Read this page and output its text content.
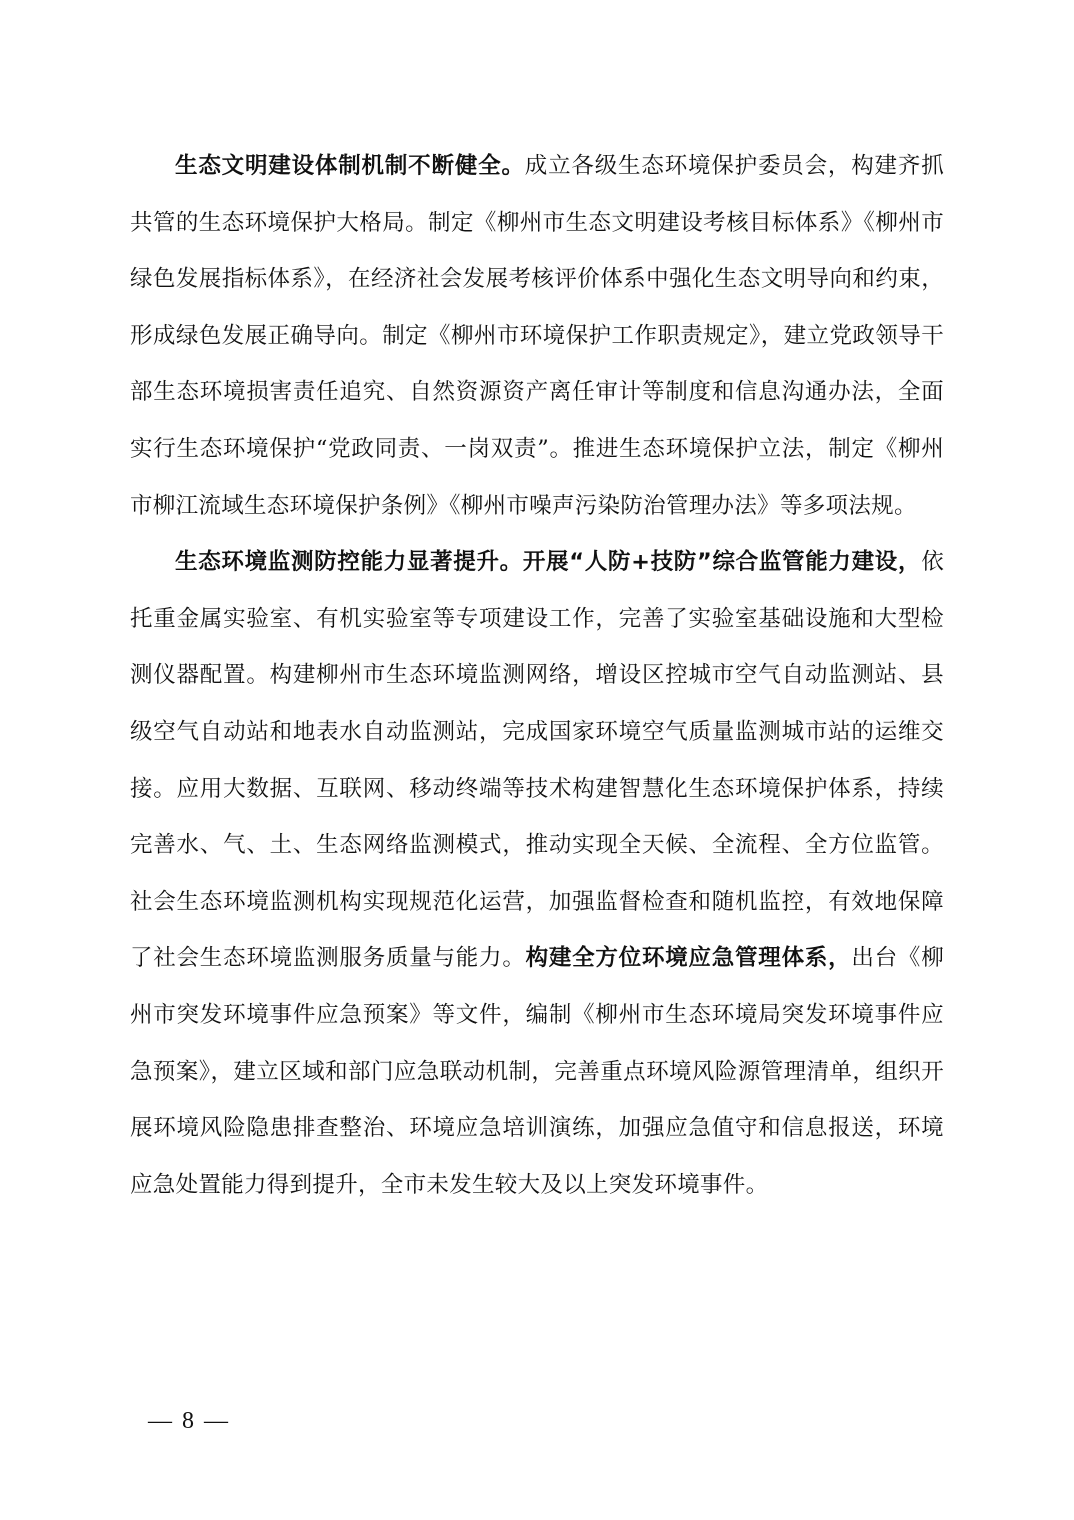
生态文明建设体制机制不断健全。成立各级生态环境保护委员会，构建齐抓共管的生态环境保护大格局。制定《柳州市生态文明建设考核目标体系》《柳州市绿色发展指标体系》，在经济社会发展考核评价体系中强化生态文明导向和约束，形成绿色发展正确导向。制定《柳州市环境保护工作职责规定》，建立党政领导干部生态环境损害责任追究、自然资源资产离任审计等制度和信息沟通办法，全面实行生态环境保护“党政同责、一岗双责”。推进生态环境保护立法，制定《柳州市柳江流域生态环境保护条例》《柳州市噪声污染防治管理办法》等多项法规。

生态环境监测防控能力显著提升。开展“人防+技防”综合监管能力建设，依托重金属实验室、有机实验室等专项建设工作，完善了实验室基础设施和大型检测仪器配置。构建柳州市生态环境监测网络，增设区控城市空气自动监测站、县级空气自动站和地表水自动监测站，完成国家环境空气质量监测城市站的运维交接。应用大数据、互联网、移动终端等技术构建智慧化生态环境保护体系，持续完善水、气、土、生态网络监测模式，推动实现全天候、全流程、全方位监管。社会生态环境监测机构实现规范化运营，加强监督检查和随机监控，有效地保障了社会生态环境监测服务质量与能力。构建全方位环境应急管理体系，出台《柳州市突发环境事件应急预案》等文件，编制《柳州市生态环境局突发环境事件应急预案》，建立区域和部门应急联动机制，完善重点环境风险源管理清单，组织开展环境风险隐患排查整治、环境应急培训演练，加强应急值守和信息报送，环境应急处置能力得到提升，全市未发生较大及以上突发环境事件。

— 8 —
